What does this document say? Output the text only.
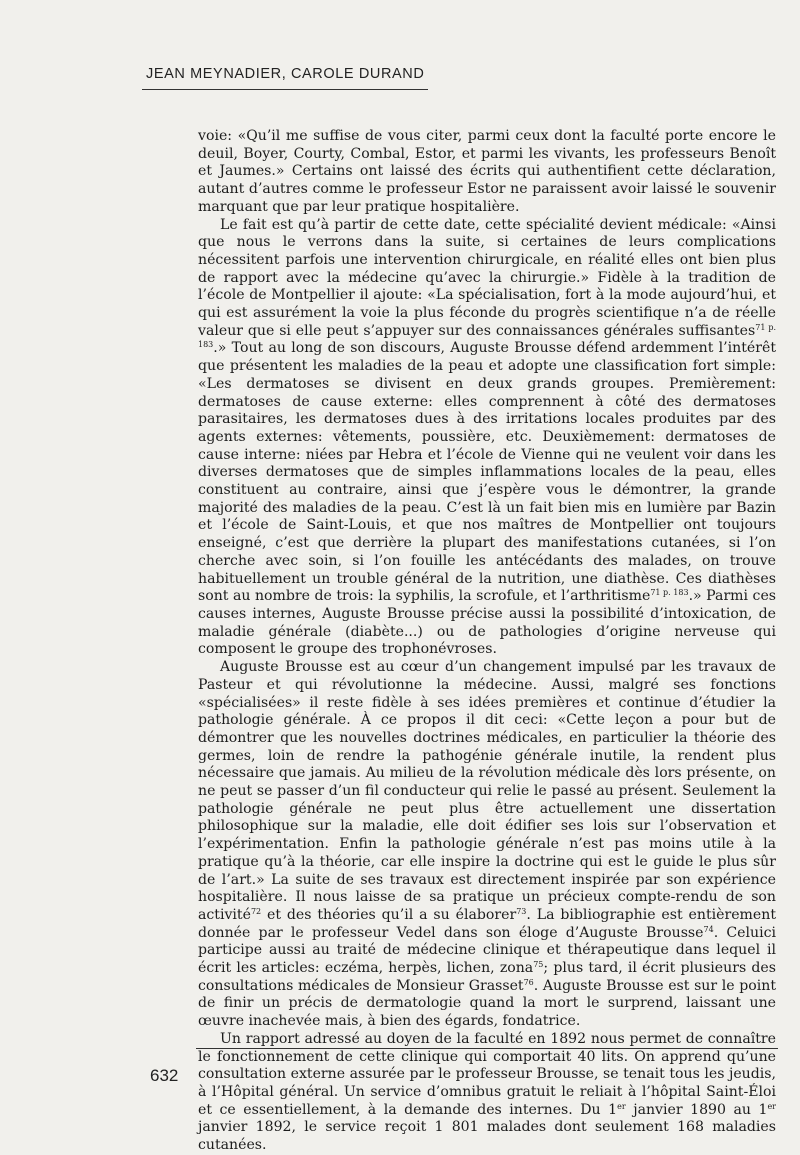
JEAN MEYNADIER, CAROLE DURAND

voie: «Qu’il me suffise de vous citer, parmi ceux dont la faculté porte encore le deuil, Boyer, Courty, Combal, Estor, et parmi les vivants, les professeurs Benoît et Jaumes.» Certains ont laissé des écrits qui authentifient cette déclaration, autant d’autres comme le professeur Estor ne paraissent avoir laissé le souvenir marquant que par leur pratique hospitalière.

Le fait est qu’à partir de cette date, cette spécialité devient médicale: «Ainsi que nous le verrons dans la suite, si certaines de leurs complications nécessitent parfois une intervention chirurgicale, en réalité elles ont bien plus de rapport avec la médecine qu’avec la chirurgie.» Fidèle à la tradition de l’école de Montpellier il ajoute: «La spécialisation, fort à la mode aujourd’hui, et qui est assurément la voie la plus féconde du progrès scientifique n’a de réelle valeur que si elle peut s’appuyer sur des connaissances générales suffisantes$^{71 p. 183}$.» Tout au long de son discours, Auguste Brousse défend ardemment l’intérêt que présentent les maladies de la peau et adopte une classification fort simple: «Les dermatoses se divisent en deux grands groupes. Premièrement: dermatoses de cause externe: elles comprennent à côté des dermatoses parasitaires, les dermatoses dues à des irritations locales produites par des agents externes: vêtements, poussière, etc. Deuxièmement: dermatoses de cause interne: niées par Hebra et l’école de Vienne qui ne veulent voir dans les diverses dermatoses que de simples inflammations locales de la peau, elles constituent au contraire, ainsi que j’espère vous le démontrer, la grande majorité des maladies de la peau. C’est là un fait bien mis en lumière par Bazin et l’école de Saint-Louis, et que nos maîtres de Montpellier ont toujours enseigné, c’est que derrière la plupart des manifestations cutanées, si l’on cherche avec soin, si l’on fouille les antécédants des malades, on trouve habituellement un trouble général de la nutrition, une diathèse. Ces diathèses sont au nombre de trois: la syphilis, la scrofule, et l’arthritisme$^{71 p. 183}$.» Parmi ces causes internes, Auguste Brousse précise aussi la possibilité d’intoxication, de maladie générale (diabète...) ou de pathologies d’origine nerveuse qui composent le groupe des trophonévroses.

Auguste Brousse est au cœur d’un changement impulsé par les travaux de Pasteur et qui révolutionne la médecine. Aussi, malgré ses fonctions «spécialisées» il reste fidèle à ses idées premières et continue d’étudier la pathologie générale. À ce propos il dit ceci: «Cette leçon a pour but de démontrer que les nouvelles doctrines médicales, en particulier la théorie des germes, loin de rendre la pathogénie générale inutile, la rendent plus nécessaire que jamais. Au milieu de la révolution médicale dès lors présente, on ne peut se passer d’un fil conducteur qui relie le passé au présent. Seulement la pathologie générale ne peut plus être actuellement une dissertation philosophique sur la maladie, elle doit édifier ses lois sur l’observation et l’expérimentation. Enfin la pathologie générale n’est pas moins utile à la pratique qu’à la théorie, car elle inspire la doctrine qui est le guide le plus sûr de l’art.» La suite de ses travaux est directement inspirée par son expérience hospitalière. Il nous laisse de sa pratique un précieux compte-rendu de son activité$^{72}$ et des théories qu’il a su élaborer$^{73}$. La bibliographie est entièrement donnée par le professeur Vedel dans son éloge d’Auguste Brousse$^{74}$. Celuici participe aussi au traité de médecine clinique et thérapeutique dans lequel il écrit les articles: eczéma, herpès, lichen, zona$^{75}$; plus tard, il écrit plusieurs des consultations médicales de Monsieur Grasset$^{76}$. Auguste Brousse est sur le point de finir un précis de dermatologie quand la mort le surprend, laissant une œuvre inachevée mais, à bien des égards, fondatrice.

Un rapport adressé au doyen de la faculté en 1892 nous permet de connaître le fonctionnement de cette clinique qui comportait 40 lits. On apprend qu’une consultation externe assurée par le professeur Brousse, se tenait tous les jeudis, à l’Hôpital général. Un service d’omnibus gratuit le reliait à l’hôpital Saint-Éloi et ce essentiellement, à la demande des internes. Du 1er janvier 1890 au 1er janvier 1892, le service reçoit 1 801 malades dont seulement 168 maladies cutanées.

632
